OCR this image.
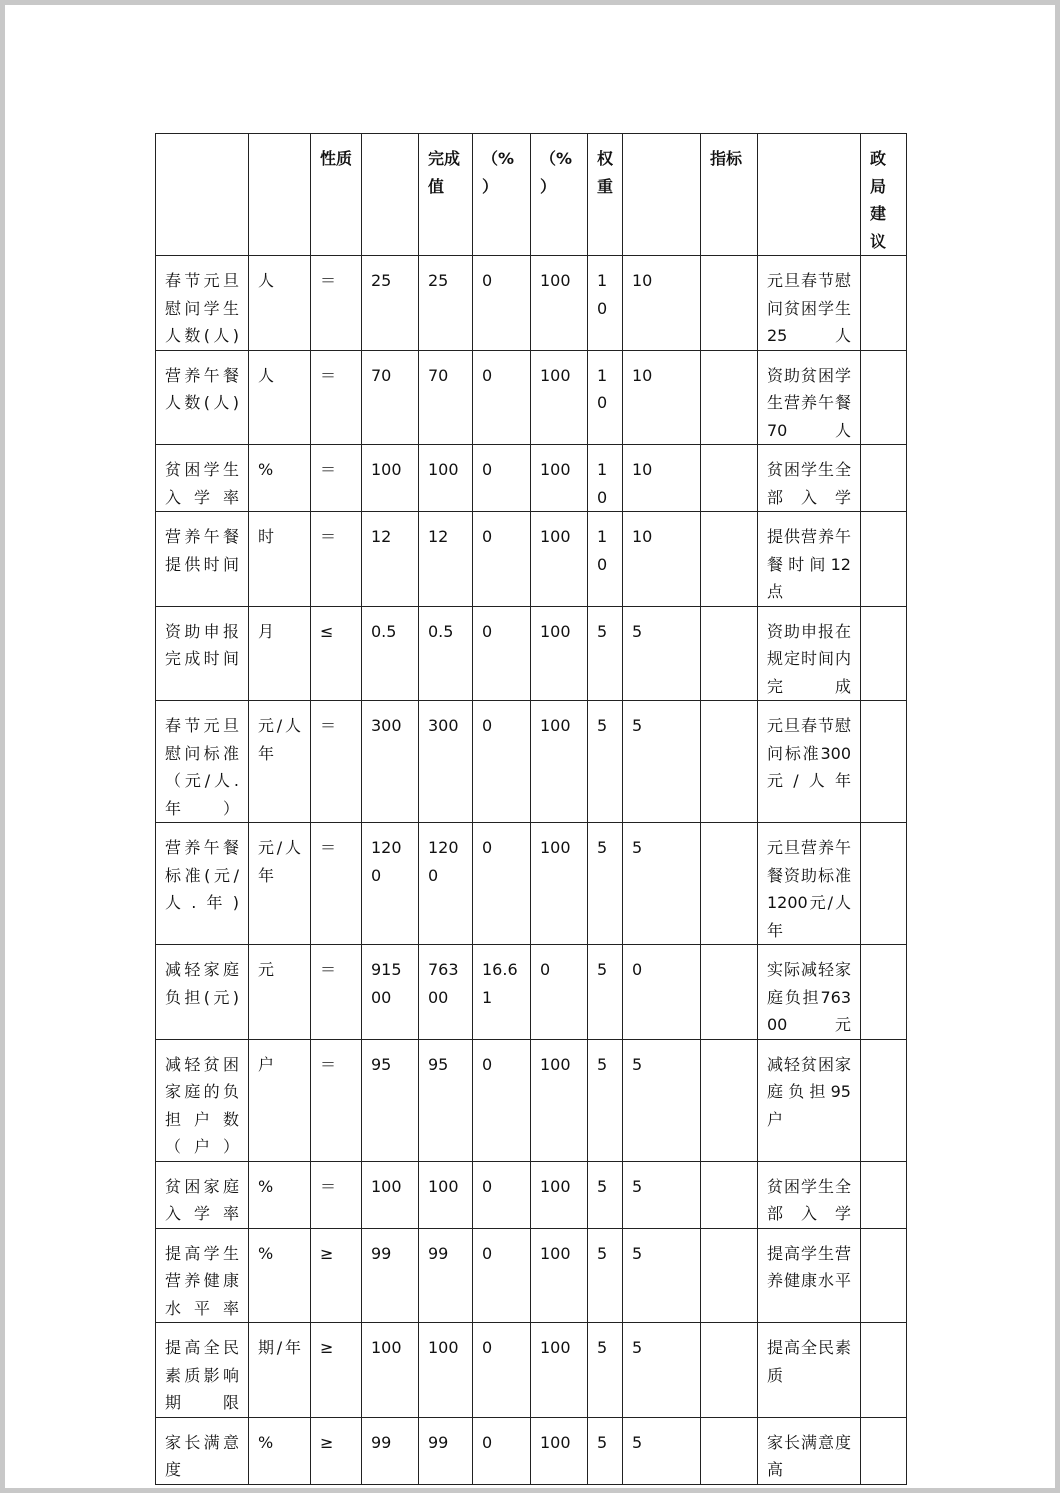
		性质		完成值	（%）	（%）	权重		指标		政局建议
春节元旦慰问学生人数(人)	人	＝	25	25	0	100	10	10		元旦春节慰问贫困学生25人	
营养午餐人数(人)	人	＝	70	70	0	100	10	10		资助贫困学生营养午餐70人	
贫困学生入学率	%	＝	100	100	0	100	10	10		贫困学生全部入学	
营养午餐提供时间	时	＝	12	12	0	100	10	10		提供营养午餐时间12点	
资助申报完成时间	月	≤	0.5	0.5	0	100	5	5		资助申报在规定时间内完成	
春节元旦慰问标准（元/人.年）	元/人年	＝	300	300	0	100	5	5		元旦春节慰问标准300元/人年	
营养午餐标准(元/人.年)	元/人年	＝	1200	1200	0	100	5	5		元旦营养午餐资助标准1200元/人年	
减轻家庭负担(元)	元	＝	91500	76300	16.61	0	5	0		实际减轻家庭负担76300元	
减轻贫困家庭的负担户数（户）	户	＝	95	95	0	100	5	5		减轻贫困家庭负担95户	
贫困家庭入学率	%	＝	100	100	0	100	5	5		贫困学生全部入学	
提高学生营养健康水平率	%	≥	99	99	0	100	5	5		提高学生营养健康水平	
提高全民素质影响期限	期/年	≥	100	100	0	100	5	5		提高全民素质	
家长满意度	%	≥	99	99	0	100	5	5		家长满意度高	
